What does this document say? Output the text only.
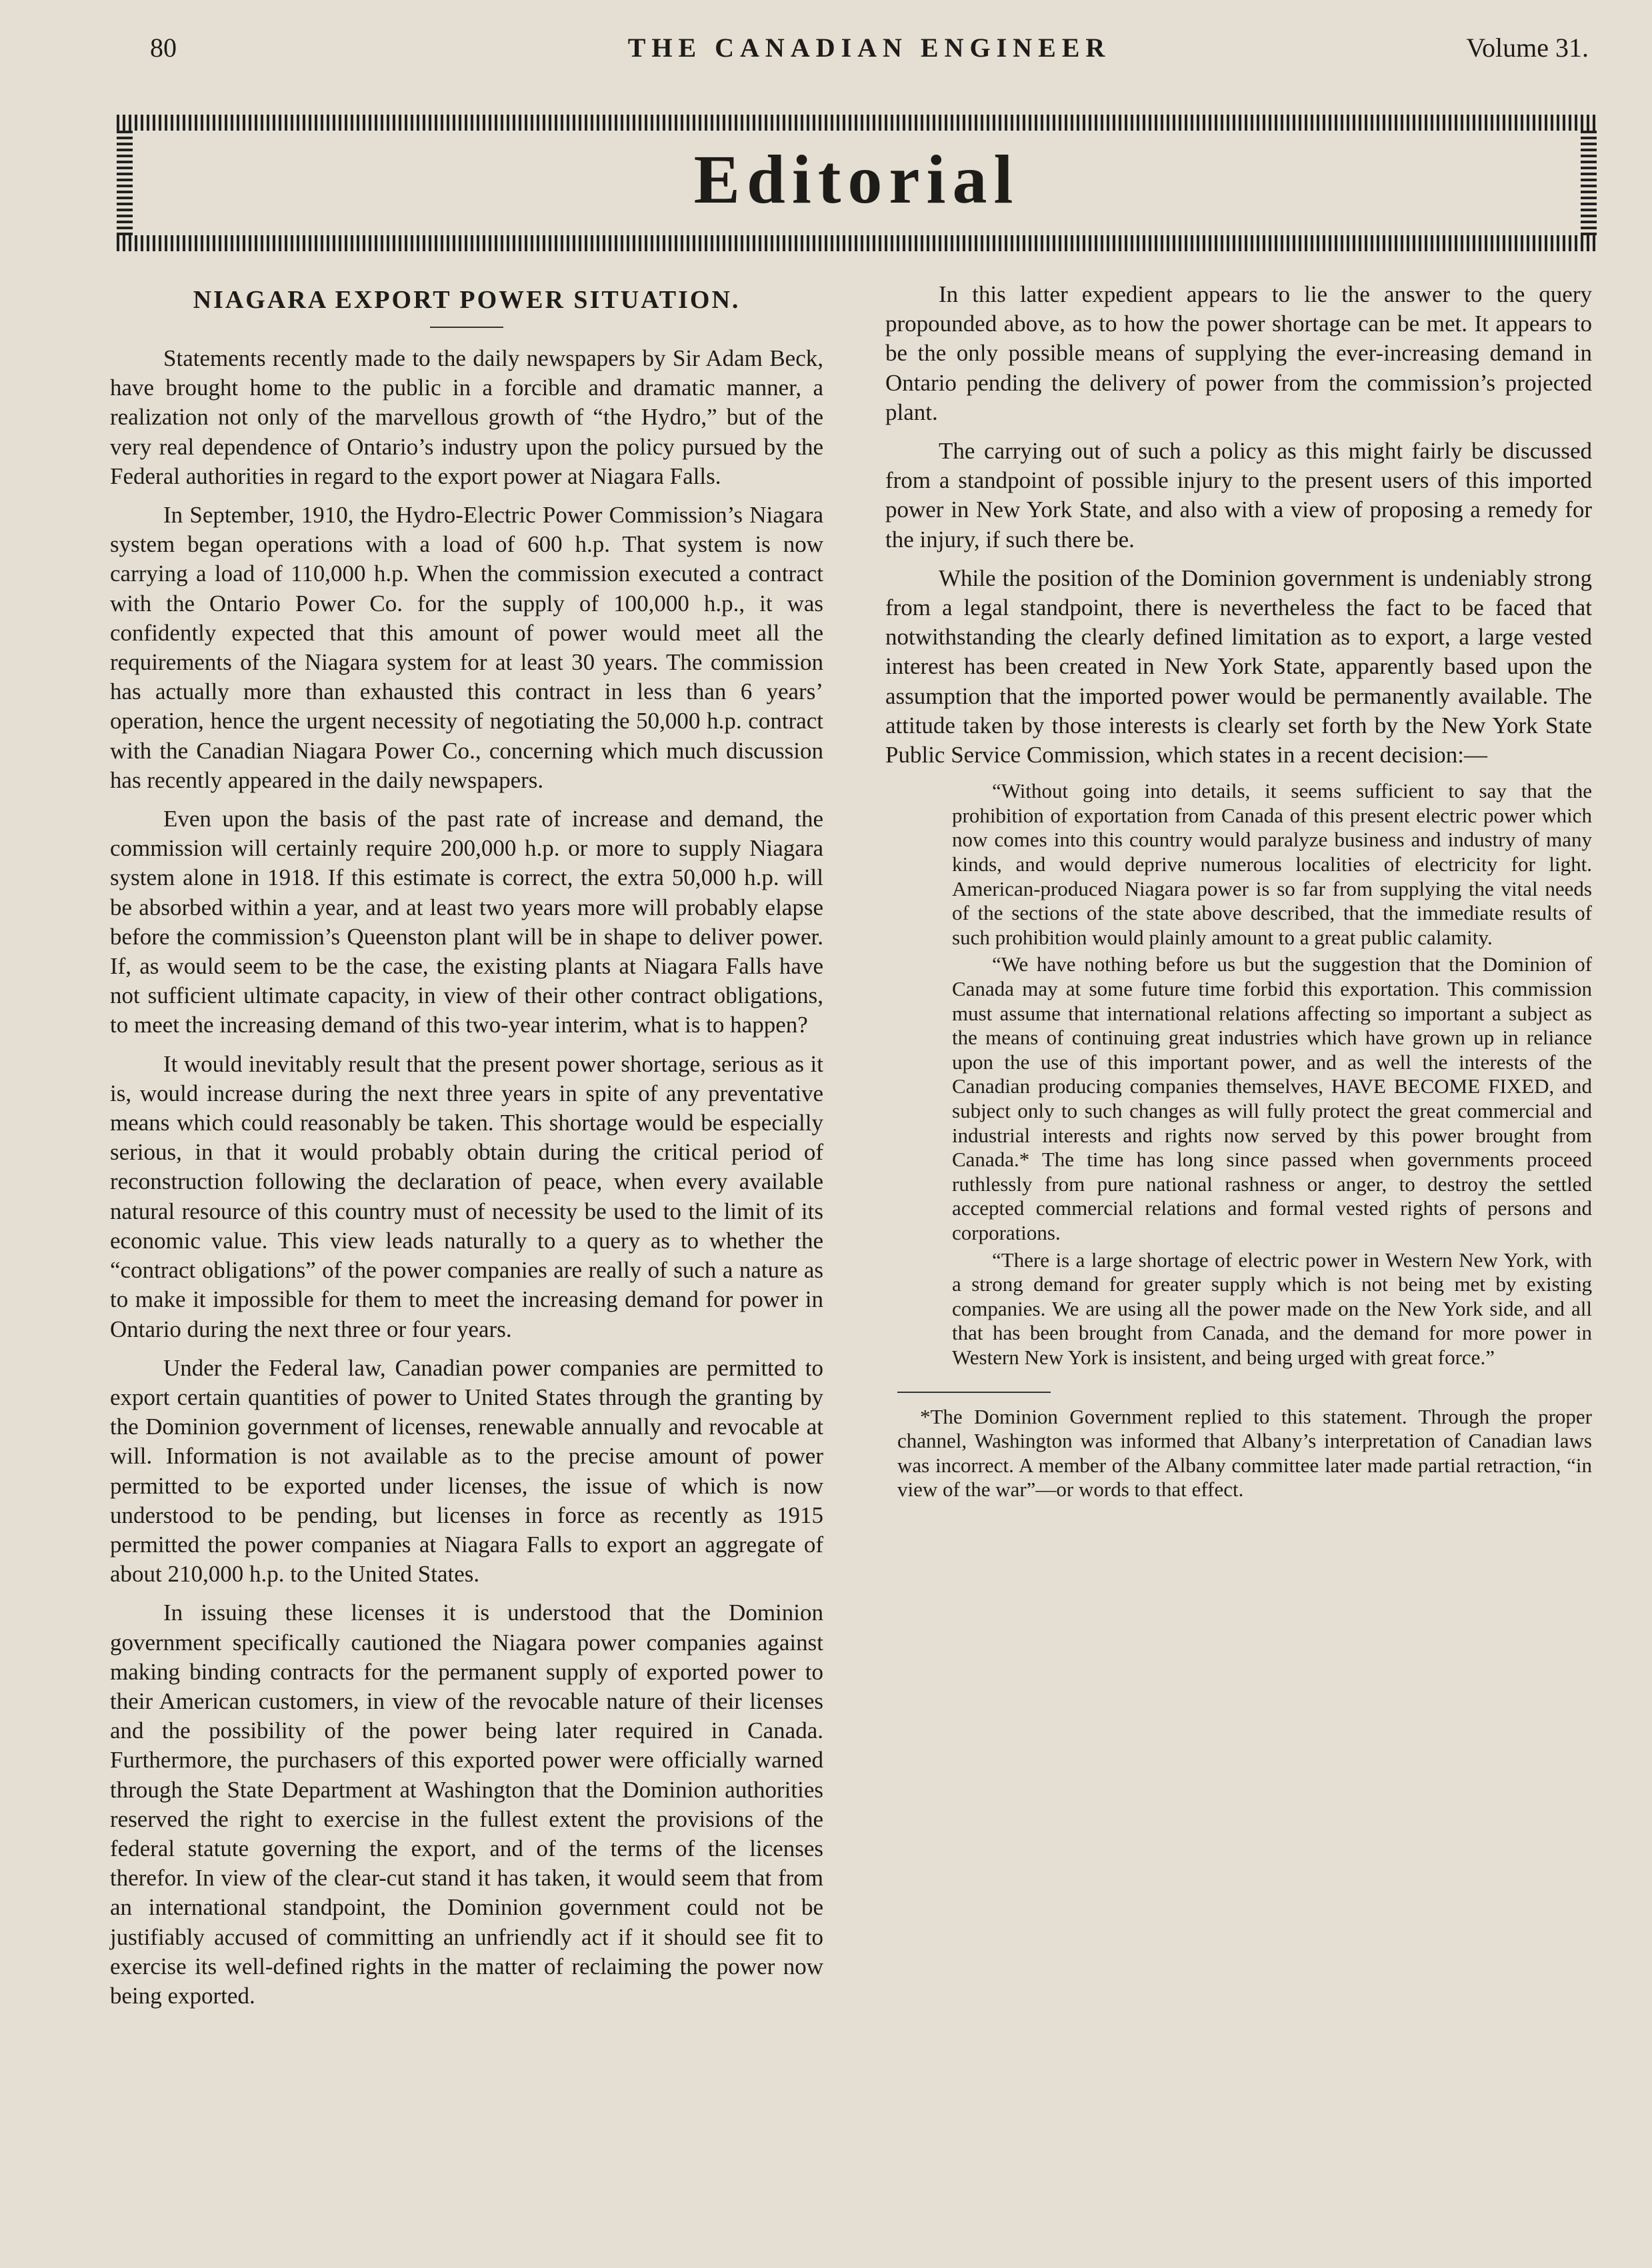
80	THE CANADIAN ENGINEER	Volume 31.
Editorial
NIAGARA EXPORT POWER SITUATION.

Statements recently made to the daily newspapers by Sir Adam Beck, have brought home to the public in a forcible and dramatic manner, a realization not only of the marvellous growth of “the Hydro,” but of the very real dependence of Ontario’s industry upon the policy pursued by the Federal authorities in regard to the export power at Niagara Falls.

In September, 1910, the Hydro-Electric Power Commission’s Niagara system began operations with a load of 600 h.p. That system is now carrying a load of 110,000 h.p. When the commission executed a contract with the Ontario Power Co. for the supply of 100,000 h.p., it was confidently expected that this amount of power would meet all the requirements of the Niagara system for at least 30 years. The commission has actually more than exhausted this contract in less than 6 years’ operation, hence the urgent necessity of negotiating the 50,000 h.p. contract with the Canadian Niagara Power Co., concerning which much discussion has recently appeared in the daily newspapers.

Even upon the basis of the past rate of increase and demand, the commission will certainly require 200,000 h.p. or more to supply Niagara system alone in 1918. If this estimate is correct, the extra 50,000 h.p. will be absorbed within a year, and at least two years more will probably elapse before the commission’s Queenston plant will be in shape to deliver power. If, as would seem to be the case, the existing plants at Niagara Falls have not sufficient ultimate capacity, in view of their other contract obligations, to meet the increasing demand of this two-year interim, what is to happen?

It would inevitably result that the present power shortage, serious as it is, would increase during the next three years in spite of any preventative means which could reasonably be taken. This shortage would be especially serious, in that it would probably obtain during the critical period of reconstruction following the declaration of peace, when every available natural resource of this country must of necessity be used to the limit of its economic value. This view leads naturally to a query as to whether the “contract obligations” of the power companies are really of such a nature as to make it impossible for them to meet the increasing demand for power in Ontario during the next three or four years.

Under the Federal law, Canadian power companies are permitted to export certain quantities of power to United States through the granting by the Dominion government of licenses, renewable annually and revocable at will. Information is not available as to the precise amount of power permitted to be exported under licenses, the issue of which is now understood to be pending, but licenses in force as recently as 1915 permitted the power companies at Niagara Falls to export an aggregate of about 210,000 h.p. to the United States.

In issuing these licenses it is understood that the Dominion government specifically cautioned the Niagara power companies against making binding contracts for the permanent supply of exported power to their American customers, in view of the revocable nature of their licenses and the possibility of the power being later required in Canada. Furthermore, the purchasers of this exported power were officially warned through the State Department at Washington that the Dominion authorities reserved the right to exercise in the fullest extent the provisions of the federal statute governing the export, and of the terms of the licenses therefor. In view of the clear-cut stand it has taken, it would seem that from an international standpoint, the Dominion government could not be justifiably accused of committing an unfriendly act if it should see fit to exercise its well-defined rights in the matter of reclaiming the power now being exported.

In this latter expedient appears to lie the answer to the query propounded above, as to how the power shortage can be met. It appears to be the only possible means of supplying the ever-increasing demand in Ontario pending the delivery of power from the commission’s projected plant.

The carrying out of such a policy as this might fairly be discussed from a standpoint of possible injury to the present users of this imported power in New York State, and also with a view of proposing a remedy for the injury, if such there be.

While the position of the Dominion government is undeniably strong from a legal standpoint, there is nevertheless the fact to be faced that notwithstanding the clearly defined limitation as to export, a large vested interest has been created in New York State, apparently based upon the assumption that the imported power would be permanently available. The attitude taken by those interests is clearly set forth by the New York State Public Service Commission, which states in a recent decision:—

“Without going into details, it seems sufficient to say that the prohibition of exportation from Canada of this present electric power which now comes into this country would paralyze business and industry of many kinds, and would deprive numerous localities of electricity for light. American-produced Niagara power is so far from supplying the vital needs of the sections of the state above described, that the immediate results of such prohibition would plainly amount to a great public calamity.

“We have nothing before us but the suggestion that the Dominion of Canada may at some future time forbid this exportation. This commission must assume that international relations affecting so important a subject as the means of continuing great industries which have grown up in reliance upon the use of this important power, and as well the interests of the Canadian producing companies themselves, HAVE BECOME FIXED, and subject only to such changes as will fully protect the great commercial and industrial interests and rights now served by this power brought from Canada.* The time has long since passed when governments proceed ruthlessly from pure national rashness or anger, to destroy the settled accepted commercial relations and formal vested rights of persons and corporations.

“There is a large shortage of electric power in Western New York, with a strong demand for greater supply which is not being met by existing companies. We are using all the power made on the New York side, and all that has been brought from Canada, and the demand for more power in Western New York is insistent, and being urged with great force.”

*The Dominion Government replied to this statement. Through the proper channel, Washington was informed that Albany’s interpretation of Canadian laws was incorrect. A member of the Albany committee later made partial retraction, “in view of the war”—or words to that effect.
